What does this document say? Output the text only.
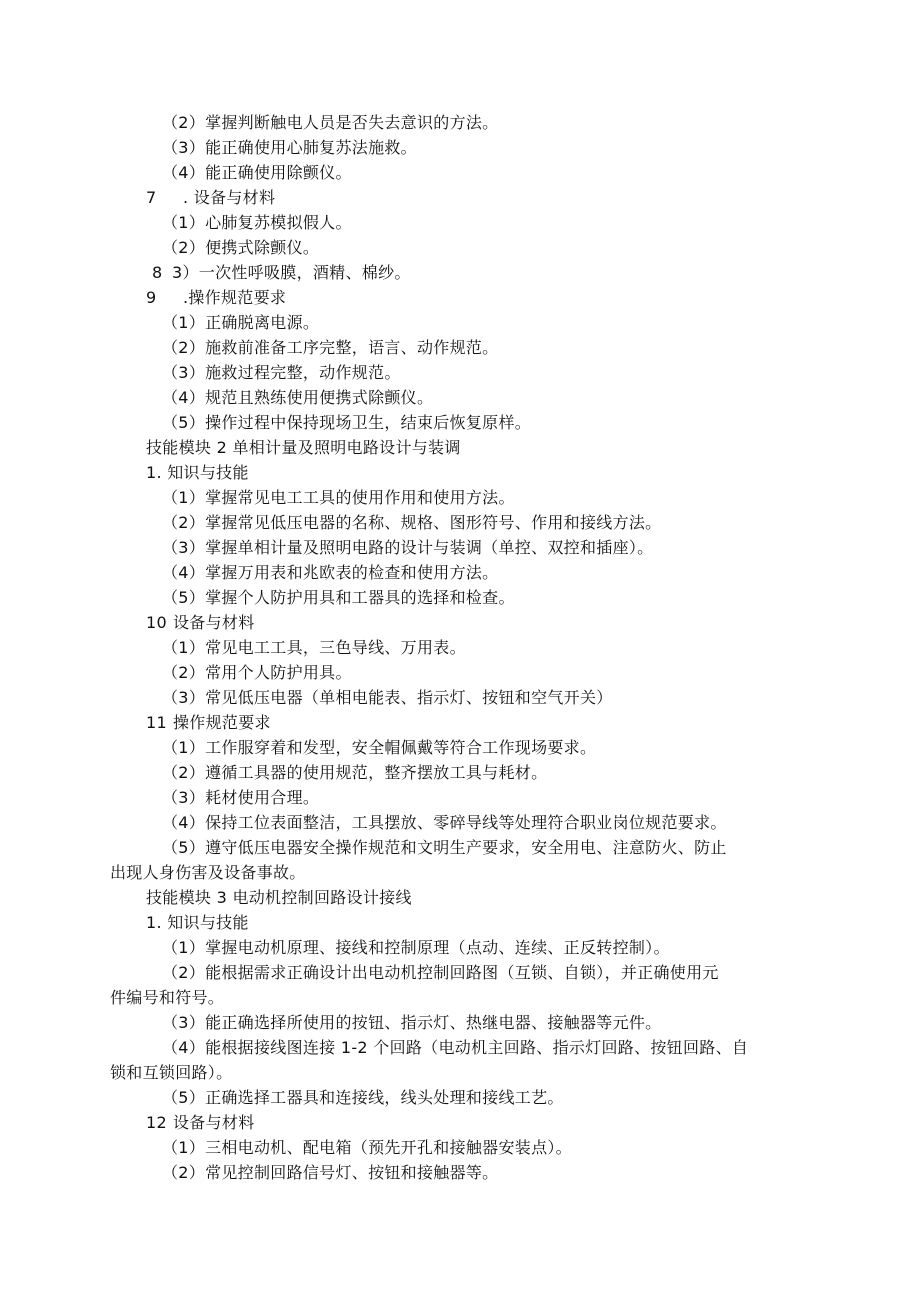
（2）掌握判断触电人员是否失去意识的方法。
（3）能正确使用心肺复苏法施救。
（4）能正确使用除颤仪。
7 . 设备与材料
（1）心肺复苏模拟假人。
（2）便携式除颤仪。
8 3）一次性呼吸膜，酒精、棉纱。
9 .操作规范要求
（1）正确脱离电源。
（2）施救前准备工序完整，语言、动作规范。
（3）施救过程完整，动作规范。
（4）规范且熟练使用便携式除颤仪。
（5）操作过程中保持现场卫生，结束后恢复原样。
技能模块 2 单相计量及照明电路设计与装调
1. 知识与技能
（1）掌握常见电工工具的使用作用和使用方法。
（2）掌握常见低压电器的名称、规格、图形符号、作用和接线方法。
（3）掌握单相计量及照明电路的设计与装调（单控、双控和插座）。
（4）掌握万用表和兆欧表的检查和使用方法。
（5）掌握个人防护用具和工器具的选择和检查。
10 设备与材料
（1）常见电工工具，三色导线、万用表。
（2）常用个人防护用具。
（3）常见低压电器（单相电能表、指示灯、按钮和空气开关）
11 操作规范要求
（1）工作服穿着和发型，安全帽佩戴等符合工作现场要求。
（2）遵循工具器的使用规范，整齐摆放工具与耗材。
（3）耗材使用合理。
（4）保持工位表面整洁，工具摆放、零碎导线等处理符合职业岗位规范要求。
（5）遵守低压电器安全操作规范和文明生产要求，安全用电、注意防火、防止
出现人身伤害及设备事故。
技能模块 3 电动机控制回路设计接线
1. 知识与技能
（1）掌握电动机原理、接线和控制原理（点动、连续、正反转控制）。
（2）能根据需求正确设计出电动机控制回路图（互锁、自锁），并正确使用元
件编号和符号。
（3）能正确选择所使用的按钮、指示灯、热继电器、接触器等元件。
（4）能根据接线图连接 1-2 个回路（电动机主回路、指示灯回路、按钮回路、自
锁和互锁回路）。
（5）正确选择工器具和连接线，线头处理和接线工艺。
12 设备与材料
（1）三相电动机、配电箱（预先开孔和接触器安装点）。
（2）常见控制回路信号灯、按钮和接触器等。
